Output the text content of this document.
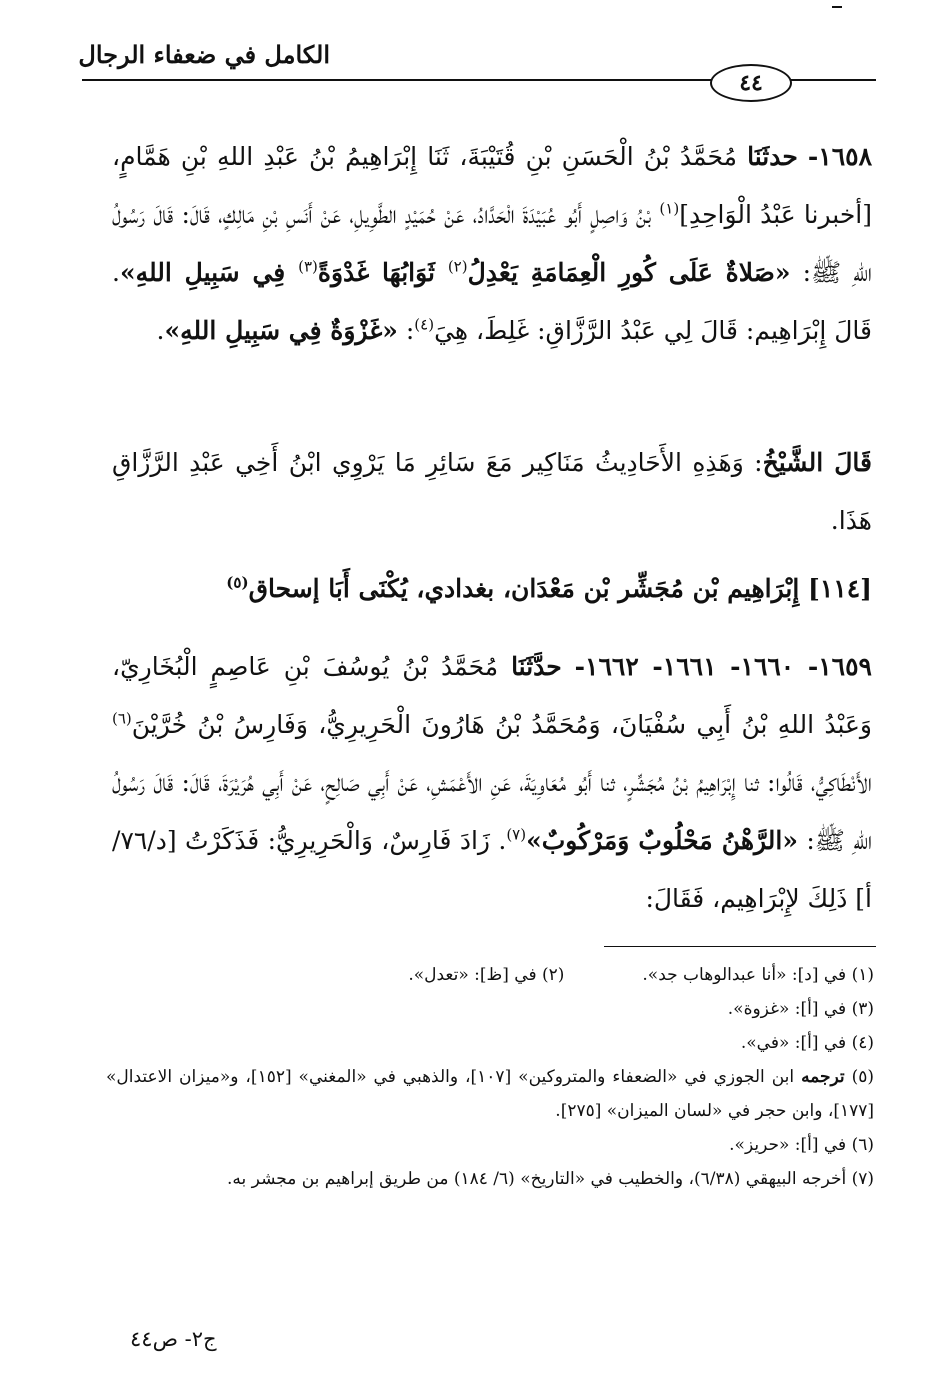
الكامل في ضعفاء الرجال
٤٤
١٦٥٨- حدثَنَا مُحَمَّدُ بْنُ الْحَسَنِ بْنِ قُتَيْبَةَ، ثَنَا إِبْرَاهِيمُ بْنُ عَبْدِ اللهِ بْنِ هَمَّامٍ، [أخبرنا عَبْدُ الْوَاحِدِ]$^{(١)}$ بْنُ وَاصِلٍ أَبُو عُبَيْدَةَ الْحَدَّادُ، عَنْ حُمَيْدٍ الطَّوِيلِ، عَنْ أَنَسِ بْنِ مَالِكٍ، قَالَ: قَالَ رَسُولُ اللهِ ﷺ: «صَلاةٌ عَلَى كُورِ الْعِمَامَةِ يَعْدِلُ$^{(٢)}$ ثَوَابُهَا غَدْوَةً$^{(٣)}$ فِي سَبِيلِ اللهِ». قَالَ إِبْرَاهِيم: قَالَ لِي عَبْدُ الرَّزَّاقِ: غَلِطَ، هِيَ$^{(٤)}$: «غَزْوَةٌ فِي سَبِيلِ اللهِ».
قَالَ الشَّيْخُ: وَهَذِهِ الأَحَادِيثُ مَنَاكِير مَعَ سَائِرِ مَا يَرْوِي ابْنُ أَخِي عَبْدِ الرَّزَّاقِ هَذَا.
[١١٤] إِبْرَاهِيم بْن مُجَشِّر بْن مَعْدَان، بغدادي، يُكْنَى أَبَا إسحاق$^{(٥)}$
١٦٥٩- ١٦٦٠- ١٦٦١- ١٦٦٢- حدَّثَنَا مُحَمَّدُ بْنُ يُوسُفَ بْنِ عَاصِمٍ الْبُخَارِيّ، وَعَبْدُ اللهِ بْنُ أَبِي سُفْيَانَ، وَمُحَمَّدُ بْنُ هَارُونَ الْحَرِيرِيُّ، وَفَارِسُ بْنُ خُرَّيْنَ$^{(٦)}$ الأَنْطَاكِيُّ، قَالُوا: ثنا إِبْرَاهِيمُ بْنُ مُجَشِّرٍ، ثنا أَبُو مُعَاوِيَةَ، عَنِ الأَعْمَشِ، عَنْ أَبِي صَالِحٍ، عَنْ أَبِي هُرَيْرَةَ، قَالَ: قَالَ رَسُولُ اللهِ ﷺ: «الرَّهْنُ مَحْلُوبٌ وَمَرْكُوبٌ»$^{(٧)}$. زَادَ فَارِسٌ، وَالْحَرِيرِيُّ: فَذَكَرْتُ [د/٧٦/أ] ذَلِكَ لإِبْرَاهِيم، فَقَالَ:
(١) في [د]: «أنا عبدالوهاب جد».
(٢) في [ظ]: «تعدل».
(٣) في [أ]: «غزوة».
(٤) في [أ]: «في».
(٥) ترجمه ابن الجوزي في «الضعفاء والمتروكين» [١٠٧]، والذهبي في «المغني» [١٥٢]، و«ميزان الاعتدال» [١٧٧]، وابن حجر في «لسان الميزان» [٢٧٥].
(٦) في [أ]: «حريز».
(٧) أخرجه البيهقي (٦/٣٨)، والخطيب في «التاريخ» (٦/ ١٨٤) من طريق إبراهيم بن مجشر به.
ج٢- ص٤٤
